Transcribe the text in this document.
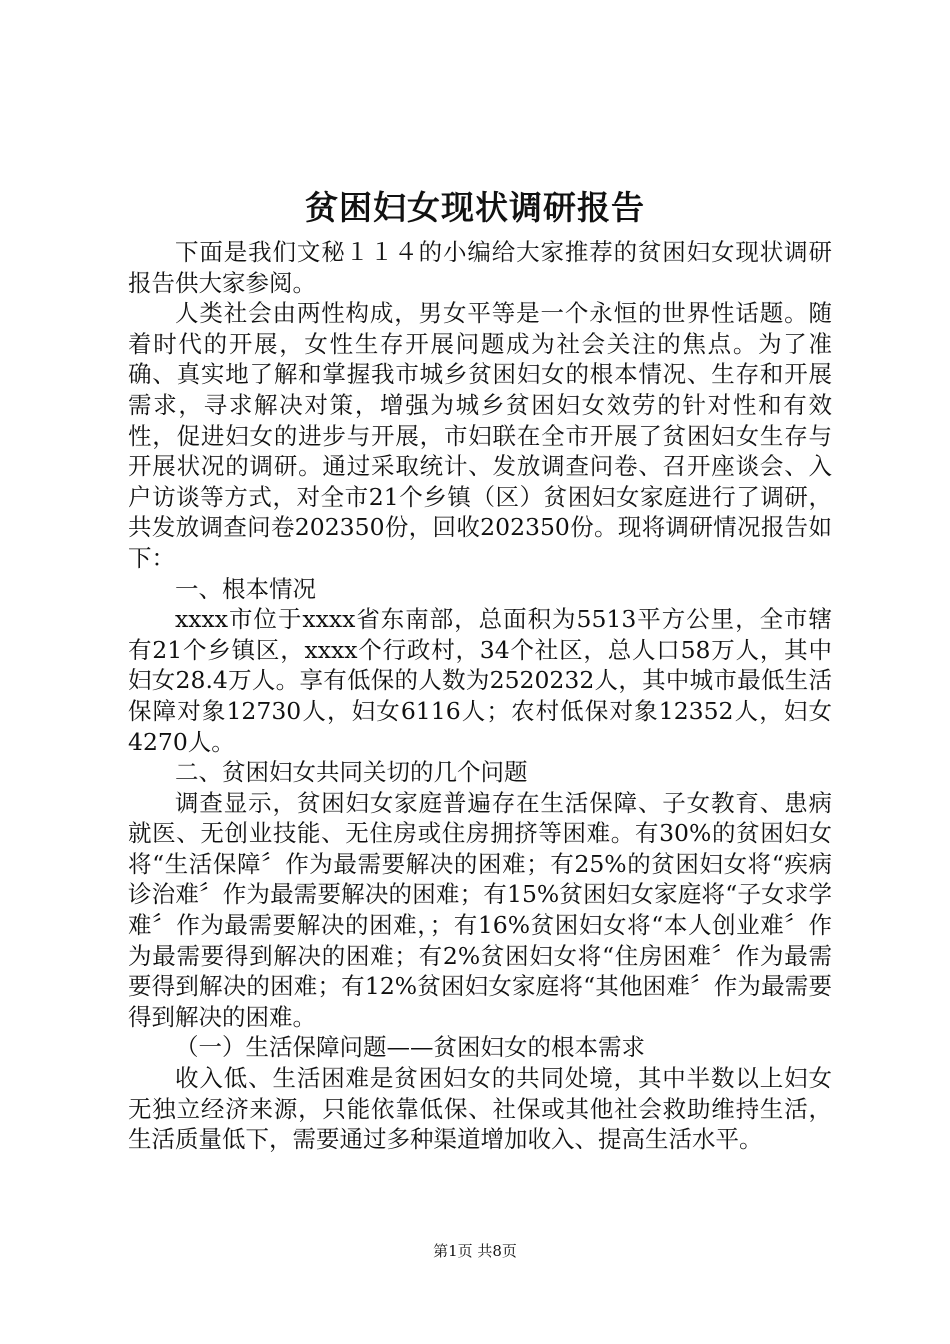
贫困妇女现状调研报告

下面是我们文秘１１４的小编给大家推荐的贫困妇女现状调研报告供大家参阅。

人类社会由两性构成，男女平等是一个永恒的世界性话题。随着时代的开展，女性生存开展问题成为社会关注的焦点。为了准确、真实地了解和掌握我市城乡贫困妇女的根本情况、生存和开展需求，寻求解决对策，增强为城乡贫困妇女效劳的针对性和有效性，促进妇女的进步与开展，市妇联在全市开展了贫困妇女生存与开展状况的调研。通过采取统计、发放调查问卷、召开座谈会、入户访谈等方式，对全市21个乡镇（区）贫困妇女家庭进行了调研，共发放调查问卷202350份，回收202350份。现将调研情况报告如下：

一、根本情况

xxxx市位于xxxx省东南部，总面积为5513平方公里，全市辖有21个乡镇区，xxxx个行政村，34个社区，总人口58万人，其中妇女28.4万人。享有低保的人数为2520232人，其中城市最低生活保障对象12730人，妇女6116人；农村低保对象12352人，妇女4270人。

二、贫困妇女共同关切的几个问题

调查显示，贫困妇女家庭普遍存在生活保障、子女教育、患病就医、无创业技能、无住房或住房拥挤等困难。有30%的贫困妇女将“生活保障〞作为最需要解决的困难；有25%的贫困妇女将“疾病诊治难〞作为最需要解决的困难；有15%贫困妇女家庭将“子女求学难〞作为最需要解决的困难，；有16%贫困妇女将“本人创业难〞作为最需要得到解决的困难；有2%贫困妇女将“住房困难〞作为最需要得到解决的困难；有12%贫困妇女家庭将“其他困难〞作为最需要得到解决的困难。

（一）生活保障问题——贫困妇女的根本需求

收入低、生活困难是贫困妇女的共同处境，其中半数以上妇女无独立经济来源，只能依靠低保、社保或其他社会救助维持生活，生活质量低下，需要通过多种渠道增加收入、提高生活水平。

第1页 共8页
